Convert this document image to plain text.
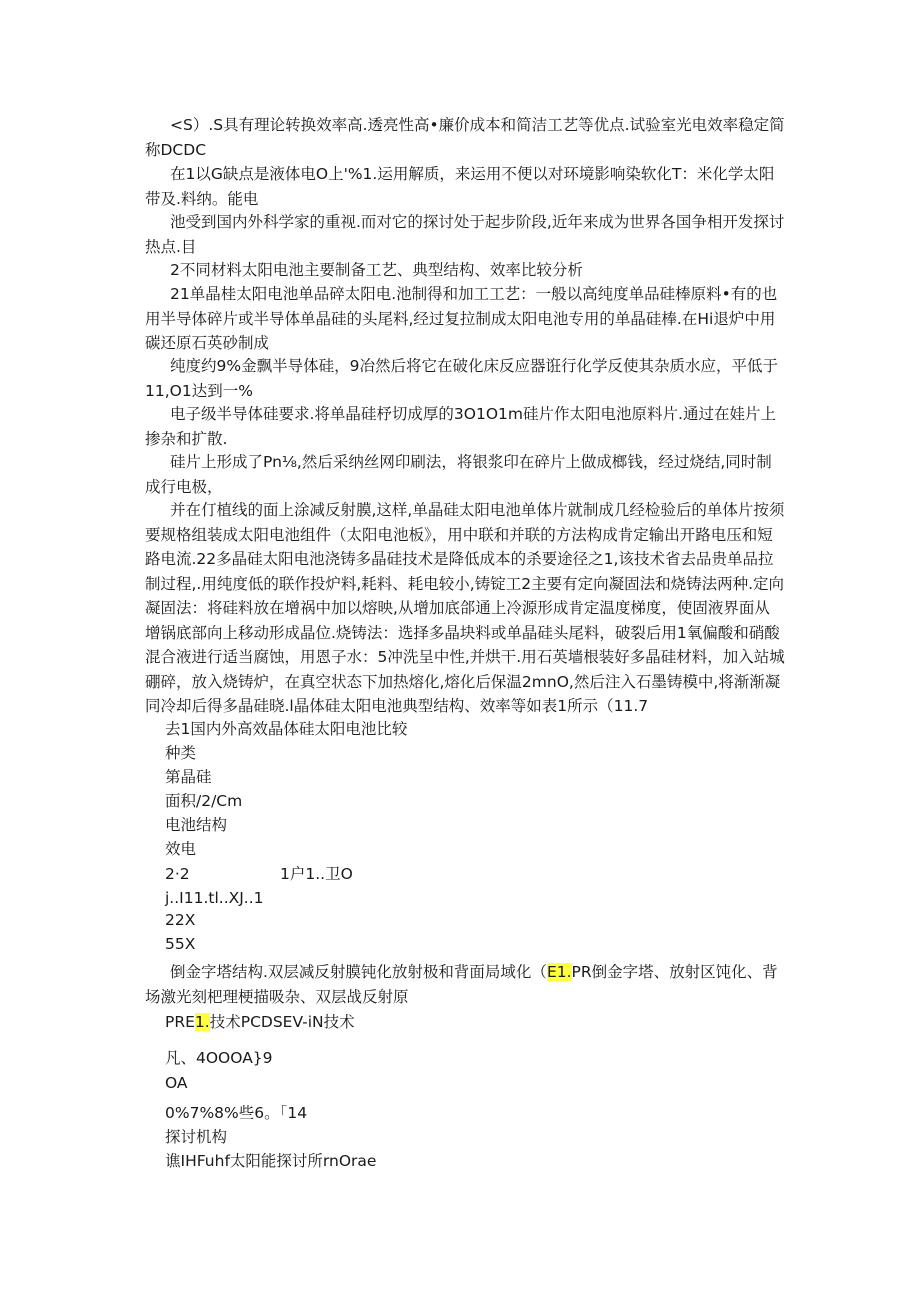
<S）.S具有理论转换效率高.透亮性高•廉价成本和简洁工艺等优点.试验室光电效率稳定简称DCDC

在1以G缺点是液体电O上'%1.运用解质，来运用不便以对环境影响染软化T：米化学太阳带及.料纳。能电

池受到国内外科学家的重视.而对它的探讨处于起步阶段,近年来成为世界各国争相开发探讨热点.目

2不同材料太阳电池主要制备工艺、典型结构、效率比较分析

21单晶桂太阳电池单品碎太阳电.池制得和加工工艺：一般以高纯度单品硅棒原料•有的也用半导体碎片或半导体单晶硅的头尾料,经过复拉制成太阳电池专用的单晶硅棒.在Hi退炉中用碳还原石英砂制成

纯度约9%金飘半导体硅，9冶然后将它在破化床反应器诳行化学反使其杂质水应，平低于11,O1达到一%

电子级半导体硅要求.将单晶硅杼切成厚的3O1O1m硅片作太阳电池原料片.通过在娃片上掺杂和扩散.

硅片上形成了Pn⅛,然后采纳丝网印刷法，将银浆印在碎片上做成榔钱，经过烧结,同时制成行电极，

并在仃植线的面上涂减反射膜,这样,单晶硅太阳电池单体片就制成几经检验后的单体片按须要规格组装成太阳电池组件（太阳电池板》，用中联和并联的方法构成肯定输出开路电压和短路电流.22多晶硅太阳电池浇铸多晶硅技术是降低成本的杀要途径之1,该技术省去品贵单品拉制过程,.用纯度低的联作投炉料,耗料、耗电较小,铸锭工2主要有定向凝固法和烧铸法两种.定向凝固法：将硅料放在增祸中加以熔映,从增加底郃通上冷源形成肯定温度梯度，使固液界面从增锅底部向上移动形成晶位.烧铸法：选择多晶块料或单晶硅头尾料，破裂后用1氧偏酸和硝酸混合液进行适当腐蚀，用恩子水：5冲洗呈中性,并烘干.用石英墙根装好多晶硅材料，加入站城硼碎，放入烧铸炉，在真空状态下加热熔化,熔化后保温2mnO,然后注入石墨铸模中,将渐渐凝同冷却后得多晶硅晓.l晶体硅太阳电池典型结构、效率等如表1所示（11.7

去1国内外高效晶体硅太阳电池比较

种类

第晶硅

面积/2/Cm

电池结构

效电

2·2	1户1..卫O

j..I11.tl..XJ..1

22X

55X

倒金字塔结构.双层减反射膜钝化放射极和背面局域化（E1.PR倒金字塔、放射区饨化、背场激光刻杷理梗描吸杂、双层战反射原

PRE1.技术PCDSEV-iN技术

凡、4OOOA}9

OA

0%7%8%些6。「14

探讨机构

谯IHFuhf太阳能探讨所rnOrae
